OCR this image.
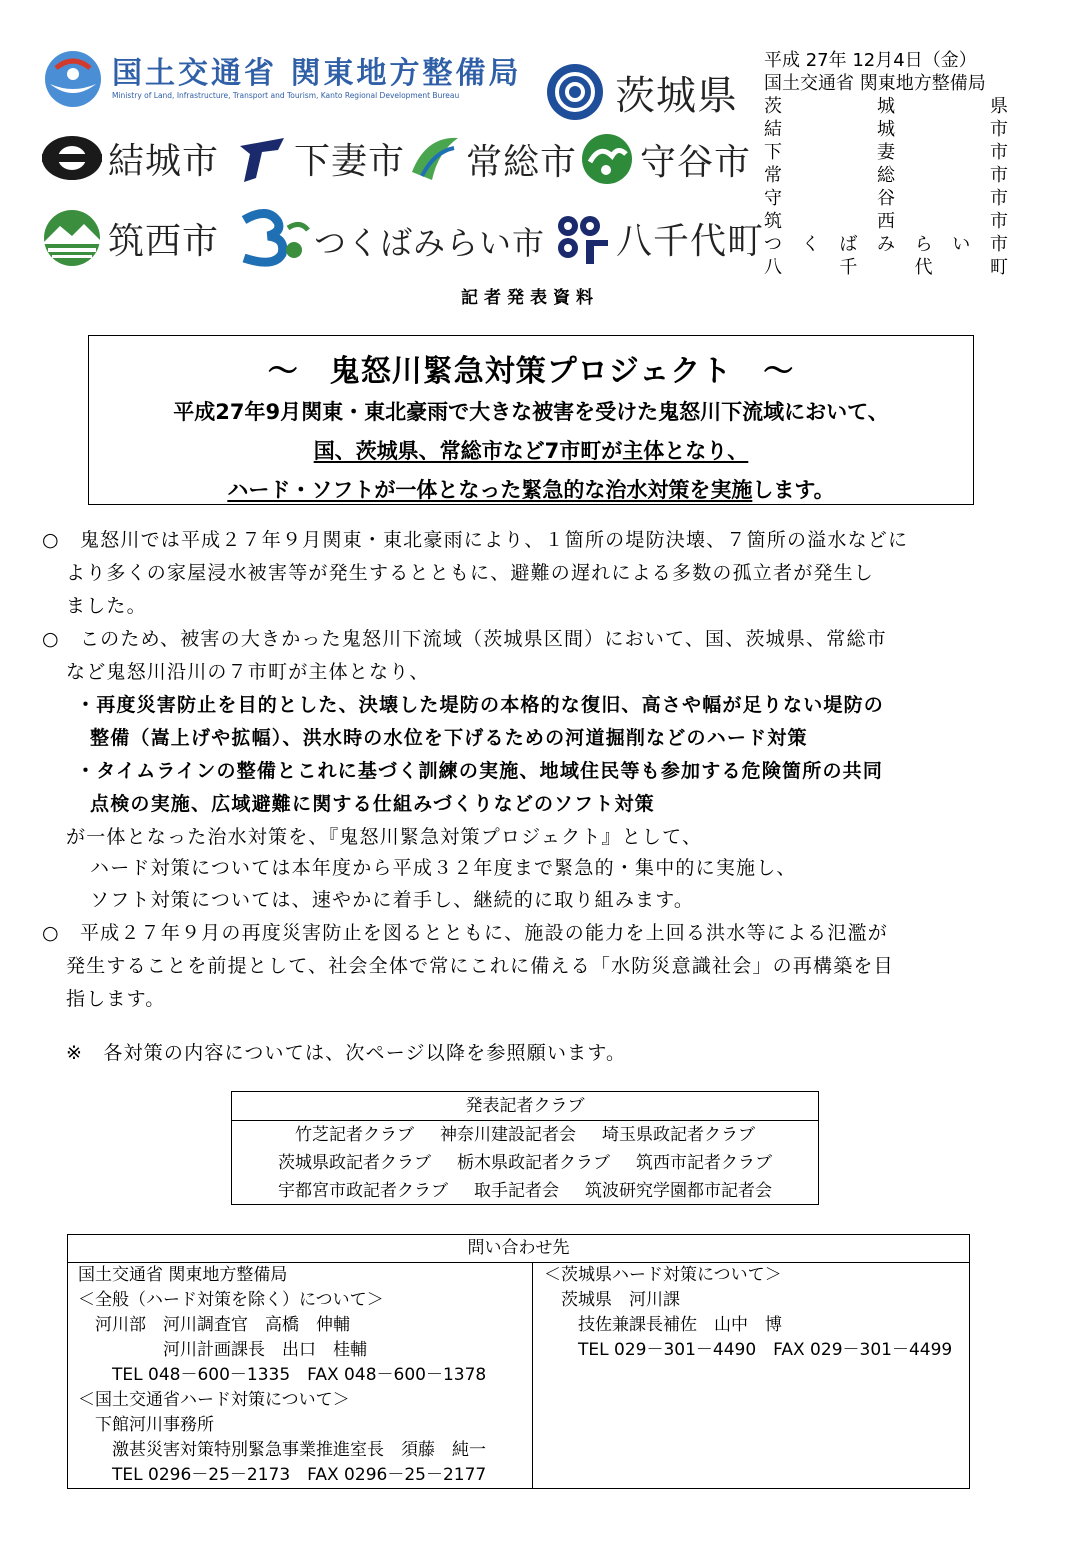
国土交通省 関東地方整備局
Ministry of Land, Infrastructure, Transport and Tourism, Kanto Regional Development Bureau	茨城県
結城市 下妻市 常総市 守谷市
筑西市	つくばみらい市 八千代町
平成 27年 12月4日（金）
国土交通省 関東地方整備局
茨	城	県
結	城	市
下	妻	市
常	総	市
守	谷	市
筑	西	市
つ く ば み ら い 市
八	千	代	町
記者発表資料
～　鬼怒川緊急対策プロジェクト　～
平成27年9月関東・東北豪雨で大きな被害を受けた鬼怒川下流域において、
国、茨城県、常総市など7市町が主体となり、
ハード・ソフトが一体となった緊急的な治水対策を実施します。
○　鬼怒川では平成２７年９月関東・東北豪雨により、１箇所の堤防決壊、７箇所の溢水などに
より多くの家屋浸水被害等が発生するとともに、避難の遅れによる多数の孤立者が発生し
ました。
○　このため、被害の大きかった鬼怒川下流域（茨城県区間）において、国、茨城県、常総市
など鬼怒川沿川の７市町が主体となり、
・再度災害防止を目的とした、決壊した堤防の本格的な復旧、高さや幅が足りない堤防の
整備（嵩上げや拡幅）、洪水時の水位を下げるための河道掘削などのハード対策
・タイムラインの整備とこれに基づく訓練の実施、地域住民等も参加する危険箇所の共同
点検の実施、広域避難に関する仕組みづくりなどのソフト対策
が一体となった治水対策を、『鬼怒川緊急対策プロジェクト』として、
ハード対策については本年度から平成３２年度まで緊急的・集中的に実施し、
ソフト対策については、速やかに着手し、継続的に取り組みます。
○　平成２７年９月の再度災害防止を図るとともに、施設の能力を上回る洪水等による氾濫が
発生することを前提として、社会全体で常にこれに備える「水防災意識社会」の再構築を目
指します。
※　各対策の内容については、次ページ以降を参照願います。
発表記者クラブ
竹芝記者クラブ 神奈川建設記者会 埼玉県政記者クラブ
茨城県政記者クラブ 栃木県政記者クラブ 筑西市記者クラブ
宇都宮市政記者クラブ 取手記者会 筑波研究学園都市記者会
問い合わせ先
国土交通省 関東地方整備局
＜全般（ハード対策を除く）について＞
　河川部　河川調査官　高橋　伸輔
　　　　　河川計画課長　出口　桂輔
　　TEL 048－600－1335　FAX 048－600－1378
＜国土交通省ハード対策について＞
　下館河川事務所
　　激甚災害対策特別緊急事業推進室長　須藤　純一
　　TEL 0296－25－2173　FAX 0296－25－2177
＜茨城県ハード対策について＞
　茨城県　河川課
　　技佐兼課長補佐　山中　博
　　TEL 029－301－4490　FAX 029－301－4499
